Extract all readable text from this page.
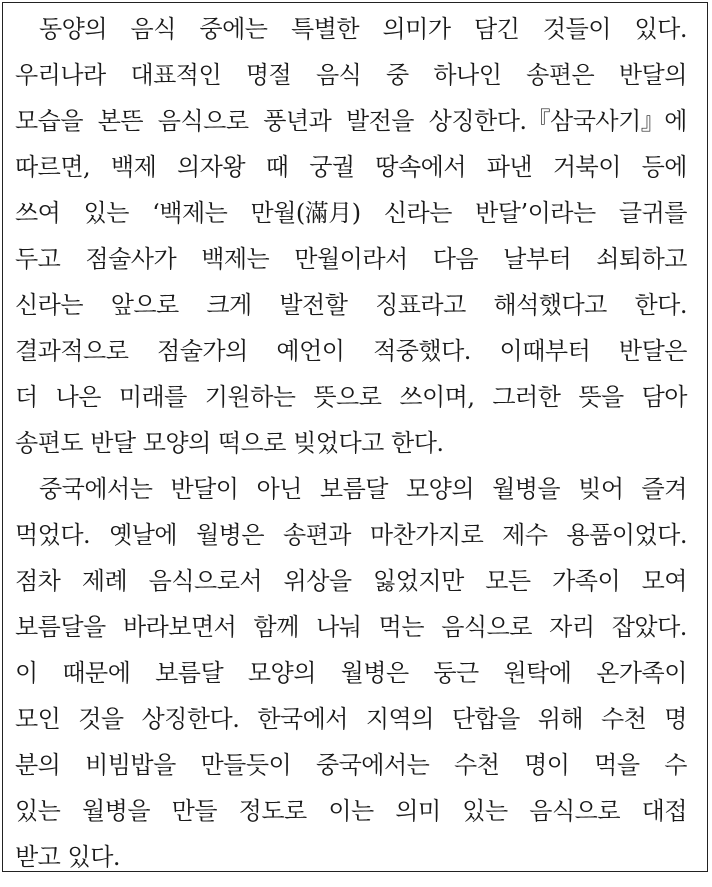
동양의 음식 중에는 특별한 의미가 담긴 것들이 있다.
우리나라 대표적인 명절 음식 중 하나인 송편은 반달의
모습을 본뜬 음식으로 풍년과 발전을 상징한다.『삼국사기』에
따르면, 백제 의자왕 때 궁궐 땅속에서 파낸 거북이 등에
쓰여 있는 ‘백제는 만월(滿月) 신라는 반달’이라는 글귀를
두고 점술사가 백제는 만월이라서 다음 날부터 쇠퇴하고
신라는 앞으로 크게 발전할 징표라고 해석했다고 한다.
결과적으로 점술가의 예언이 적중했다. 이때부터 반달은
더 나은 미래를 기원하는 뜻으로 쓰이며, 그러한 뜻을 담아
송편도
반달
모양의
떡으로
빚었다고
한다.
중국에서는 반달이 아닌 보름달 모양의 월병을 빚어 즐겨
먹었다. 옛날에 월병은 송편과 마찬가지로 제수 용품이었다.
점차 제례 음식으로서 위상을 잃었지만 모든 가족이 모여
보름달을 바라보면서 함께 나눠 먹는 음식으로 자리 잡았다.
이 때문에 보름달 모양의 월병은 둥근 원탁에 온가족이
모인 것을 상징한다. 한국에서 지역의 단합을 위해 수천 명
분의 비빔밥을 만들듯이 중국에서는 수천 명이 먹을 수
있는 월병을 만들 정도로 이는 의미 있는 음식으로 대접
받고
있다.
